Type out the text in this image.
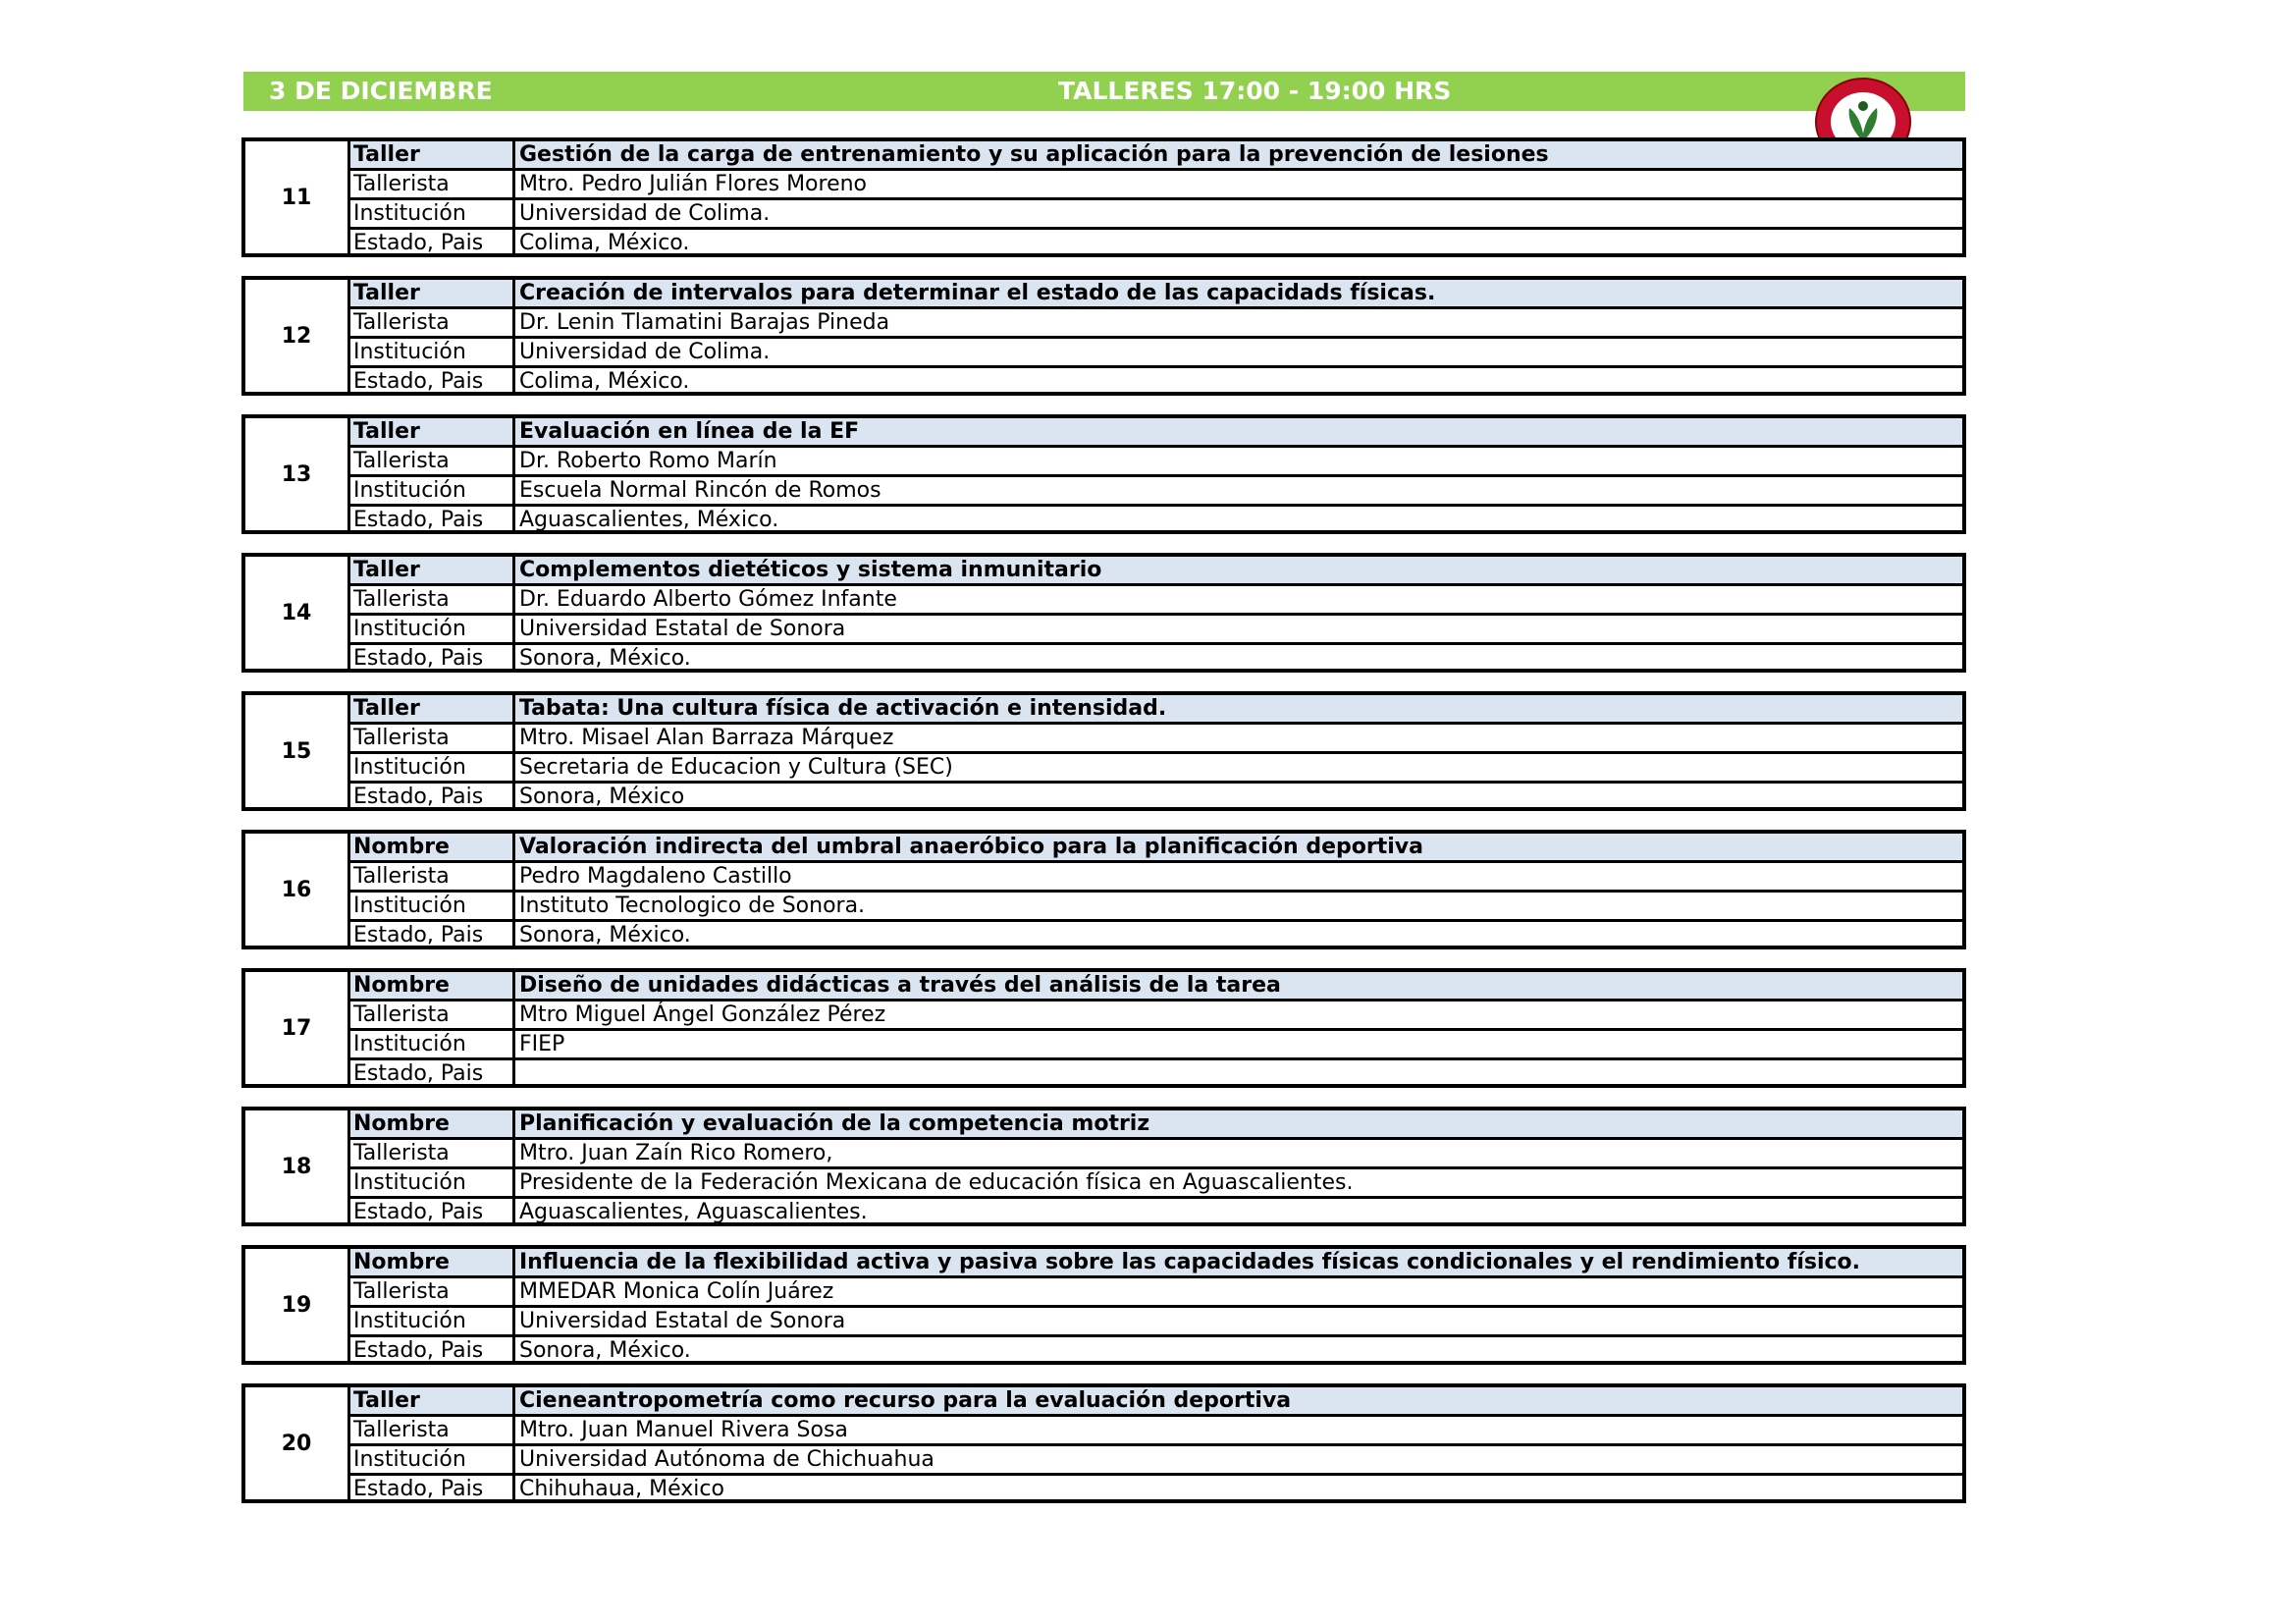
3 DE DICIEMBRE	TALLERES 17:00 - 19:00 HRS
11
Taller	Gestión de la carga de entrenamiento y su aplicación para la prevención de lesiones
Tallerista	Mtro. Pedro Julián Flores Moreno
Institución	Universidad de Colima.
Estado, Pais	Colima, México.
12
Taller	Creación de intervalos para determinar el estado de las capacidads físicas.
Tallerista	Dr. Lenin Tlamatini Barajas Pineda
Institución	Universidad de Colima.
Estado, Pais	Colima, México.
13
Taller	Evaluación en línea de la EF
Tallerista	Dr. Roberto Romo Marín
Institución	Escuela Normal Rincón de Romos
Estado, Pais	Aguascalientes, México.
14
Taller	Complementos dietéticos y sistema inmunitario
Tallerista	Dr. Eduardo Alberto Gómez Infante
Institución	Universidad Estatal de Sonora
Estado, Pais	Sonora, México.
15
Taller	Tabata: Una cultura física de activación e intensidad.
Tallerista	Mtro. Misael Alan Barraza Márquez
Institución	Secretaria de Educacion y Cultura (SEC)
Estado, Pais	Sonora, México
16
Nombre	Valoración indirecta del umbral anaeróbico para la planificación deportiva
Tallerista	Pedro Magdaleno Castillo
Institución	Instituto Tecnologico de Sonora.
Estado, Pais	Sonora, México.
17
Nombre	Diseño de unidades didácticas a través del análisis de la tarea
Tallerista	Mtro Miguel Ángel González Pérez
Institución	FIEP
Estado, Pais
18
Nombre	Planificación y evaluación de la competencia motriz
Tallerista	Mtro. Juan Zaín Rico Romero,
Institución	Presidente de la Federación Mexicana de educación física en Aguascalientes.
Estado, Pais	Aguascalientes, Aguascalientes.
19
Nombre	Influencia de la flexibilidad activa y pasiva sobre las capacidades físicas condicionales y el rendimiento físico.
Tallerista	MMEDAR Monica Colín Juárez
Institución	Universidad Estatal de Sonora
Estado, Pais	Sonora, México.
20
Taller	Cieneantropometría como recurso para la evaluación deportiva
Tallerista	Mtro. Juan Manuel Rivera Sosa
Institución	Universidad Autónoma de Chichuahua
Estado, Pais	Chihuhaua, México
